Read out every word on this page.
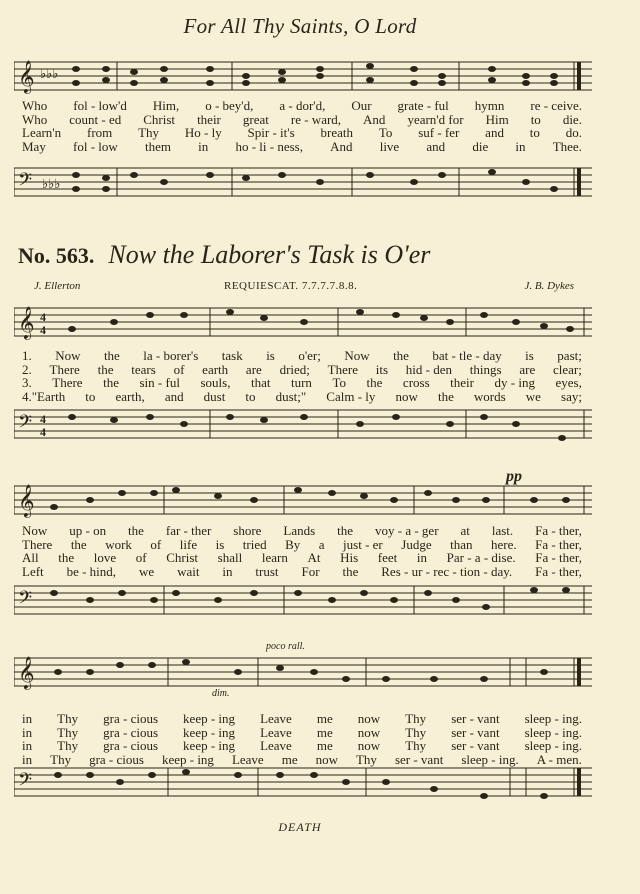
For All Thy Saints, O Lord
𝄞 ♭♭♭
Who fol - low'd Him, o - bey'd, a - dor'd, Our grate - ful hymn re - ceive.
Who count - ed Christ their great re - ward, And yearn'd for Him to die.
Learn'n from Thy Ho - ly Spir - it's breath To suf - fer and to do.
May fol - low them in ho - li - ness, And live and die in Thee.
𝄢 ♭♭♭
No. 563. Now the Laborer's Task is O'er
J. Ellerton	REQUIESCAT. 7.7.7.7.8.8.	J. B. Dykes
𝄞 4
4
1. Now the la - borer's task is o'er; Now the bat - tle - day is past;
2. There the tears of earth are dried; There its hid - den things are clear;
3. There the sin - ful souls, that turn To the cross their dy - ing eyes,
4."Earth to earth, and dust to dust;" Calm - ly now the words we say;
𝄢 4
4
pp
𝄞
Now up - on the far - ther shore Lands the voy - a - ger at last. Fa - ther,
There the work of life is tried By a just - er Judge than here. Fa - ther,
All the love of Christ shall learn At His feet in Par - a - dise. Fa - ther,
Left be - hind, we wait in trust For the Res - ur - rec - tion - day. Fa - ther,
𝄢
poco rall.
𝄞
dim.
in Thy gra - cious keep - ing Leave me now Thy ser - vant sleep - ing.
in Thy gra - cious keep - ing Leave me now Thy ser - vant sleep - ing.
in Thy gra - cious keep - ing Leave me now Thy ser - vant sleep - ing.
in Thy gra - cious keep - ing Leave me now Thy ser - vant sleep - ing. A - men.
𝄢
DEATH
